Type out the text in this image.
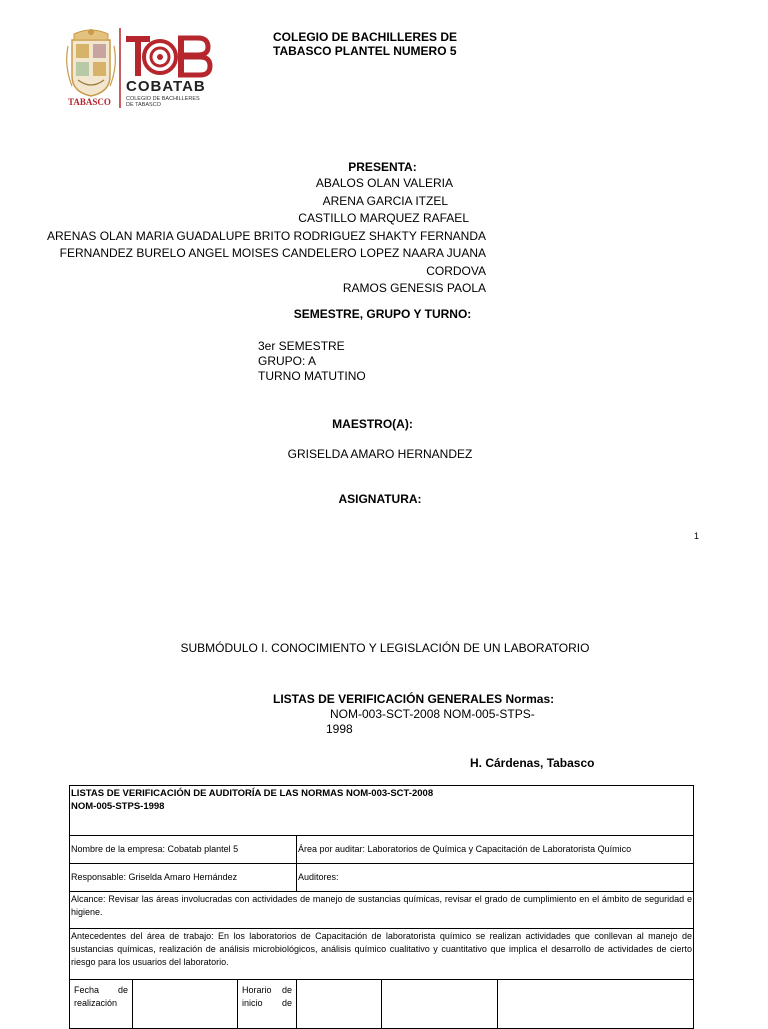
TABASCO
COBATAB
COLEGIO DE BACHILLERES
DE TABASCO
COLEGIO DE BACHILLERES DE
TABASCO PLANTEL NUMERO 5
PRESENTA:
ABALOS OLAN VALERIA
ARENA GARCIA ITZEL
CASTILLO MARQUEZ RAFAEL
ARENAS OLAN MARIA GUADALUPE BRITO RODRIGUEZ SHAKTY FERNANDA
FERNANDEZ BURELO ANGEL MOISES CANDELERO LOPEZ NAARA JUANA CORDOVA
RAMOS GENESIS PAOLA
SEMESTRE, GRUPO Y TURNO:
3er SEMESTRE
GRUPO: A
TURNO MATUTINO
MAESTRO(A):
GRISELDA AMARO HERNANDEZ
ASIGNATURA:
1
SUBMÓDULO I. CONOCIMIENTO Y LEGISLACIÓN DE UN LABORATORIO
LISTAS DE VERIFICACIÓN GENERALES Normas:
NOM-003-SCT-2008 NOM-005-STPS-
1998
H. Cárdenas, Tabasco
LISTAS DE VERIFICACIÓN DE AUDITORÍA DE LAS NORMAS NOM-003-SCT-2008
NOM-005-STPS-1998					

Nombre de la empresa: Cobatab plantel 5			Área por auditar: Laboratorios de Química y Capacitación de Laboratorista Químico		
Responsable: Griselda Amaro Hernández			Auditores:		
Alcance: Revisar las áreas involucradas con actividades de manejo de sustancias químicas, revisar el grado de cumplimiento en el ámbito de seguridad e higiene.					
Antecedentes del área de trabajo: En los laboratorios de Capacitación de laboratorista químico se realizan actividades que conllevan al manejo de sustancias químicas, realización de análisis microbiológicos, análisis químico cualitativo y cuantitativo que implica el desarrollo de actividades de cierto riesgo para los usuarios del laboratorio.					
Fecha de realización		Horario de inicio de			
